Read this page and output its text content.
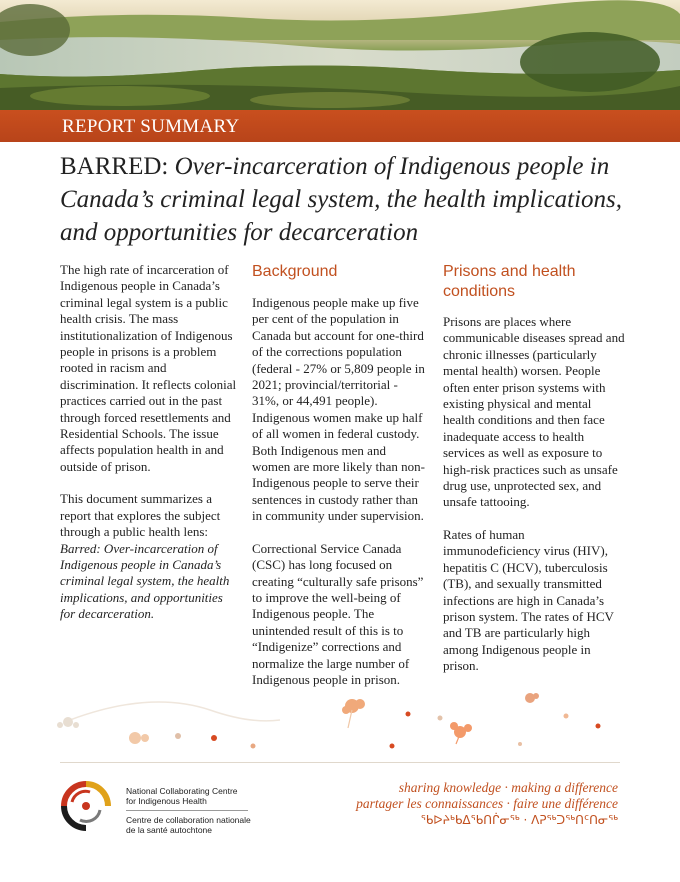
REPORT SUMMARY
BARRED: Over-incarceration of Indigenous people in Canada’s criminal legal system, the health implications, and opportunities for decarceration

The high rate of incarceration of Indigenous people in Canada’s criminal legal system is a public health crisis. The mass institutionalization of Indigenous people in prisons is a problem rooted in racism and discrimination. It reflects colonial practices carried out in the past through forced resettlements and Residential Schools. The issue affects population health in and outside of prison.

This document summarizes a report that explores the subject through a public health lens: Barred: Over-incarceration of Indigenous people in Canada’s criminal legal system, the health implications, and opportunities for decarceration.

Background

Indigenous people make up five per cent of the population in Canada but account for one-third of the corrections population (federal - 27% or 5,809 people in 2021; provincial/territorial - 31%, or 44,491 people). Indigenous women make up half of all women in federal custody. Both Indigenous men and women are more likely than non-Indigenous people to serve their sentences in custody rather than in community under supervision.

Correctional Service Canada (CSC) has long focused on creating “culturally safe prisons” to improve the well-being of Indigenous people. The unintended result of this is to “Indigenize” corrections and normalize the large number of Indigenous people in prison.

Prisons and health conditions

Prisons are places where communicable diseases spread and chronic illnesses (particularly mental health) worsen. People often enter prison systems with existing physical and mental health conditions and then face inadequate access to health services as well as exposure to high-risk practices such as unsafe drug use, unprotected sex, and unsafe tattooing.

Rates of human immunodeficiency virus (HIV), hepatitis C (HCV), tuberculosis (TB), and sexually transmitted infections are high in Canada’s prison system. The rates of HCV and TB are particularly high among Indigenous people in prison.

National Collaborating Centre
for Indigenous Health
Centre de collaboration nationale
de la santé autochtone
sharing knowledge · making a difference
partager les connaissances · faire une différence
ᖃᐅᔨᒃᑲᐃᖃᑎᒌᓂᖅ · ᐱᕈᖅᑐᖅᑎᑦᑎᓂᖅ
